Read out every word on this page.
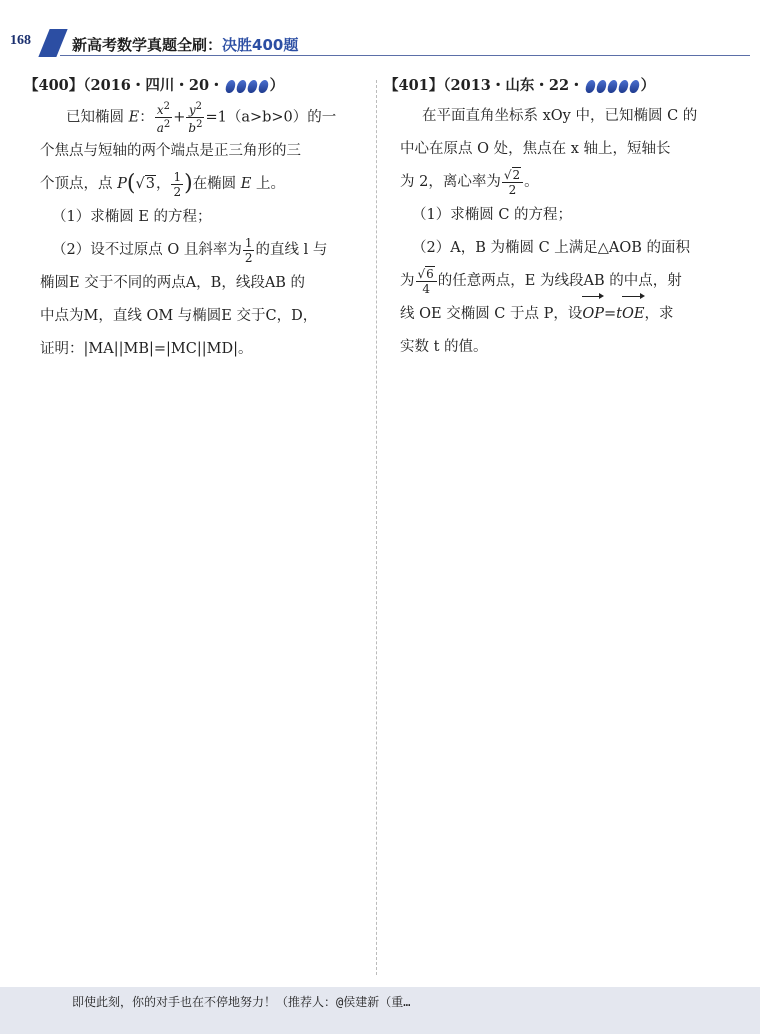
168	新高考数学真题全刷：决胜400题
【400】（2016・四川・20・	）
已知椭圆 E： $\frac{x^2}{a^2} + \frac{y^2}{b^2} =1(a>b>0)$的一
个焦点与短轴的两个端点是正三角形的三
个顶点，点 P(√3， $\frac{1}{2}$ )在椭圆 E 上。
（1）求椭圆 E 的方程；
（2）设不过原点 O 且斜率为 $\frac{1}{2}$ 的直线 l 与
椭圆E 交于不同的两点A，B，线段AB 的
中点为M，直线 OM 与椭圆E 交于C，D，
证明：|MA||MB|=|MC||MD|。
【401】（2013・山东・22・	）
在平面直角坐标系 xOy 中，已知椭圆 C 的
中心在原点 O 处，焦点在 x 轴上，短轴长
为 2，离心率为 $\frac{√2}{2}$ 。
（1）求椭圆 C 的方程；
（2）A，B 为椭圆 C 上满足△AOB 的面积
为 $\frac{√6}{4}$ 的任意两点，E 为线段AB 的中点，射
线 OE 交椭圆 C 于点 P，设OP=tOE，求
实数 t 的值。
即使此刻，你的对手也在不停地努力！（推荐人：@侯建新（重…
